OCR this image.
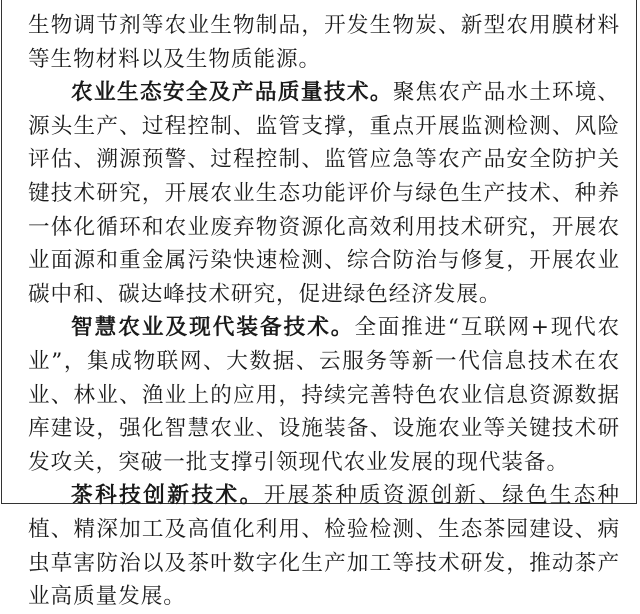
生物调节剂等农业生物制品，开发生物炭、新型农用膜材料等生物材料以及生物质能源。

农业生态安全及产品质量技术。聚焦农产品水土环境、源头生产、过程控制、监管支撑，重点开展监测检测、风险评估、溯源预警、过程控制、监管应急等农产品安全防护关键技术研究，开展农业生态功能评价与绿色生产技术、种养一体化循环和农业废弃物资源化高效利用技术研究，开展农业面源和重金属污染快速检测、综合防治与修复，开展农业碳中和、碳达峰技术研究，促进绿色经济发展。

智慧农业及现代装备技术。全面推进“互联网+现代农业”，集成物联网、大数据、云服务等新一代信息技术在农业、林业、渔业上的应用，持续完善特色农业信息资源数据库建设，强化智慧农业、设施装备、设施农业等关键技术研发攻关，突破一批支撑引领现代农业发展的现代装备。

茶科技创新技术。开展茶种质资源创新、绿色生态种植、精深加工及高值化利用、检验检测、生态茶园建设、病虫草害防治以及茶叶数字化生产加工等技术研发，推动茶产业高质量发展。
